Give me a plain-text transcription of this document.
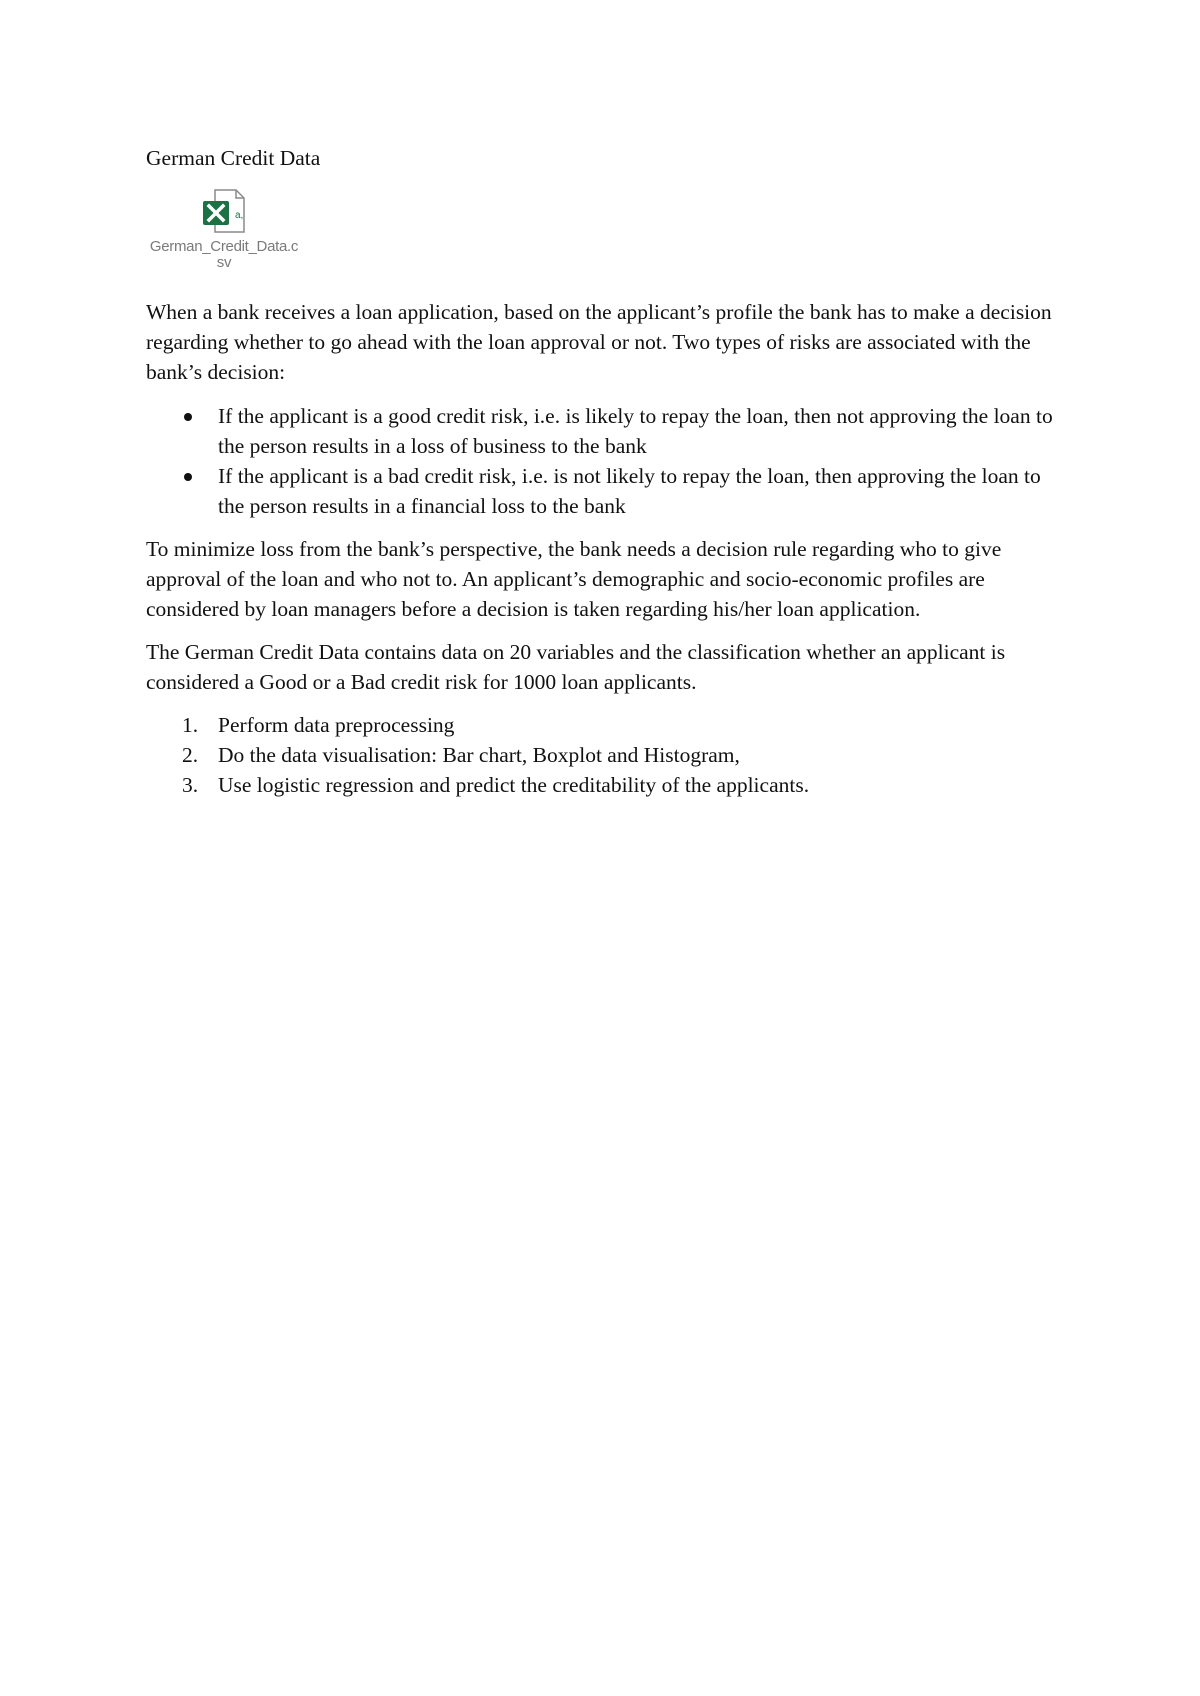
German Credit Data
a,
German_Credit_Data.csv

When a bank receives a loan application, based on the applicant’s profile the bank has to make a decision regarding whether to go ahead with the loan approval or not. Two types of risks are associated with the bank’s decision:

If the applicant is a good credit risk, i.e. is likely to repay the loan, then not approving the loan to the person results in a loss of business to the bank
If the applicant is a bad credit risk, i.e. is not likely to repay the loan, then approving the loan to the person results in a financial loss to the bank

To minimize loss from the bank’s perspective, the bank needs a decision rule regarding who to give approval of the loan and who not to. An applicant’s demographic and socio-economic profiles are considered by loan managers before a decision is taken regarding his/her loan application.

The German Credit Data contains data on 20 variables and the classification whether an applicant is considered a Good or a Bad credit risk for 1000 loan applicants.

1. Perform data preprocessing
2. Do the data visualisation: Bar chart, Boxplot and Histogram,
3. Use logistic regression and predict the creditability of the applicants.
